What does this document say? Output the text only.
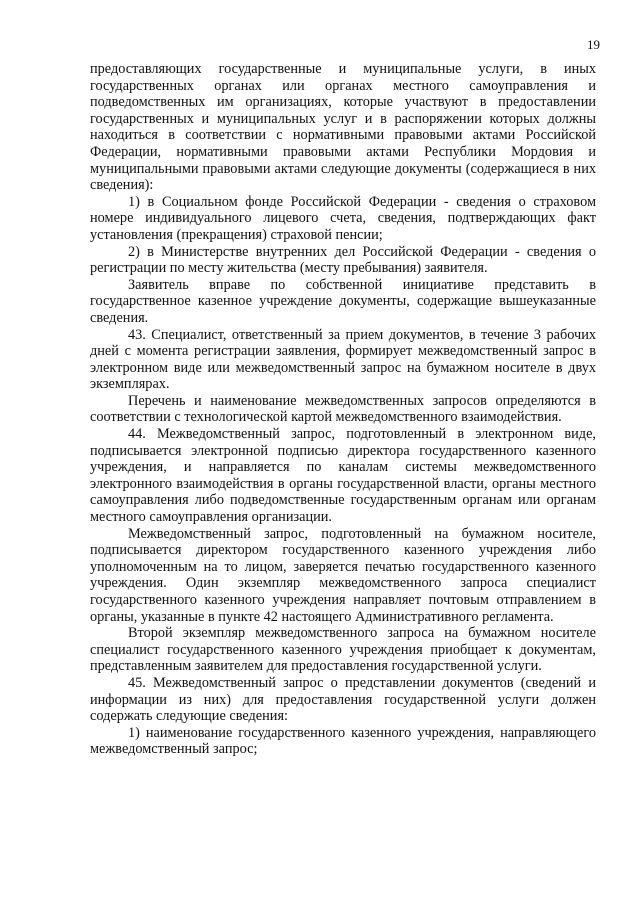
19

предоставляющих государственные и муниципальные услуги, в иных государственных органах или органах местного самоуправления и подведомственных им организациях, которые участвуют в предоставлении государственных и муниципальных услуг и в распоряжении которых должны находиться в соответствии с нормативными правовыми актами Российской Федерации, нормативными правовыми актами Республики Мордовия и муниципальными правовыми актами следующие документы (содержащиеся в них сведения):

1) в Социальном фонде Российской Федерации - сведения о страховом номере индивидуального лицевого счета, сведения, подтверждающих факт установления (прекращения) страховой пенсии;

2) в Министерстве внутренних дел Российской Федерации - сведения о регистрации по месту жительства (месту пребывания) заявителя.

Заявитель вправе по собственной инициативе представить в государственное казенное учреждение документы, содержащие вышеуказанные сведения.

43. Специалист, ответственный за прием документов, в течение 3 рабочих дней с момента регистрации заявления, формирует межведомственный запрос в электронном виде или межведомственный запрос на бумажном носителе в двух экземплярах.

Перечень и наименование межведомственных запросов определяются в соответствии с технологической картой межведомственного взаимодействия.

44. Межведомственный запрос, подготовленный в электронном виде, подписывается электронной подписью директора государственного казенного учреждения, и направляется по каналам системы межведомственного электронного взаимодействия в органы государственной власти, органы местного самоуправления либо подведомственные государственным органам или органам местного самоуправления организации.

Межведомственный запрос, подготовленный на бумажном носителе, подписывается директором государственного казенного учреждения либо уполномоченным на то лицом, заверяется печатью государственного казенного учреждения. Один экземпляр межведомственного запроса специалист государственного казенного учреждения направляет почтовым отправлением в органы, указанные в пункте 42 настоящего Административного регламента.

Второй экземпляр межведомственного запроса на бумажном носителе специалист государственного казенного учреждения приобщает к документам, представленным заявителем для предоставления государственной услуги.

45. Межведомственный запрос о представлении документов (сведений и информации из них) для предоставления государственной услуги должен содержать следующие сведения:

1) наименование государственного казенного учреждения, направляющего межведомственный запрос;
